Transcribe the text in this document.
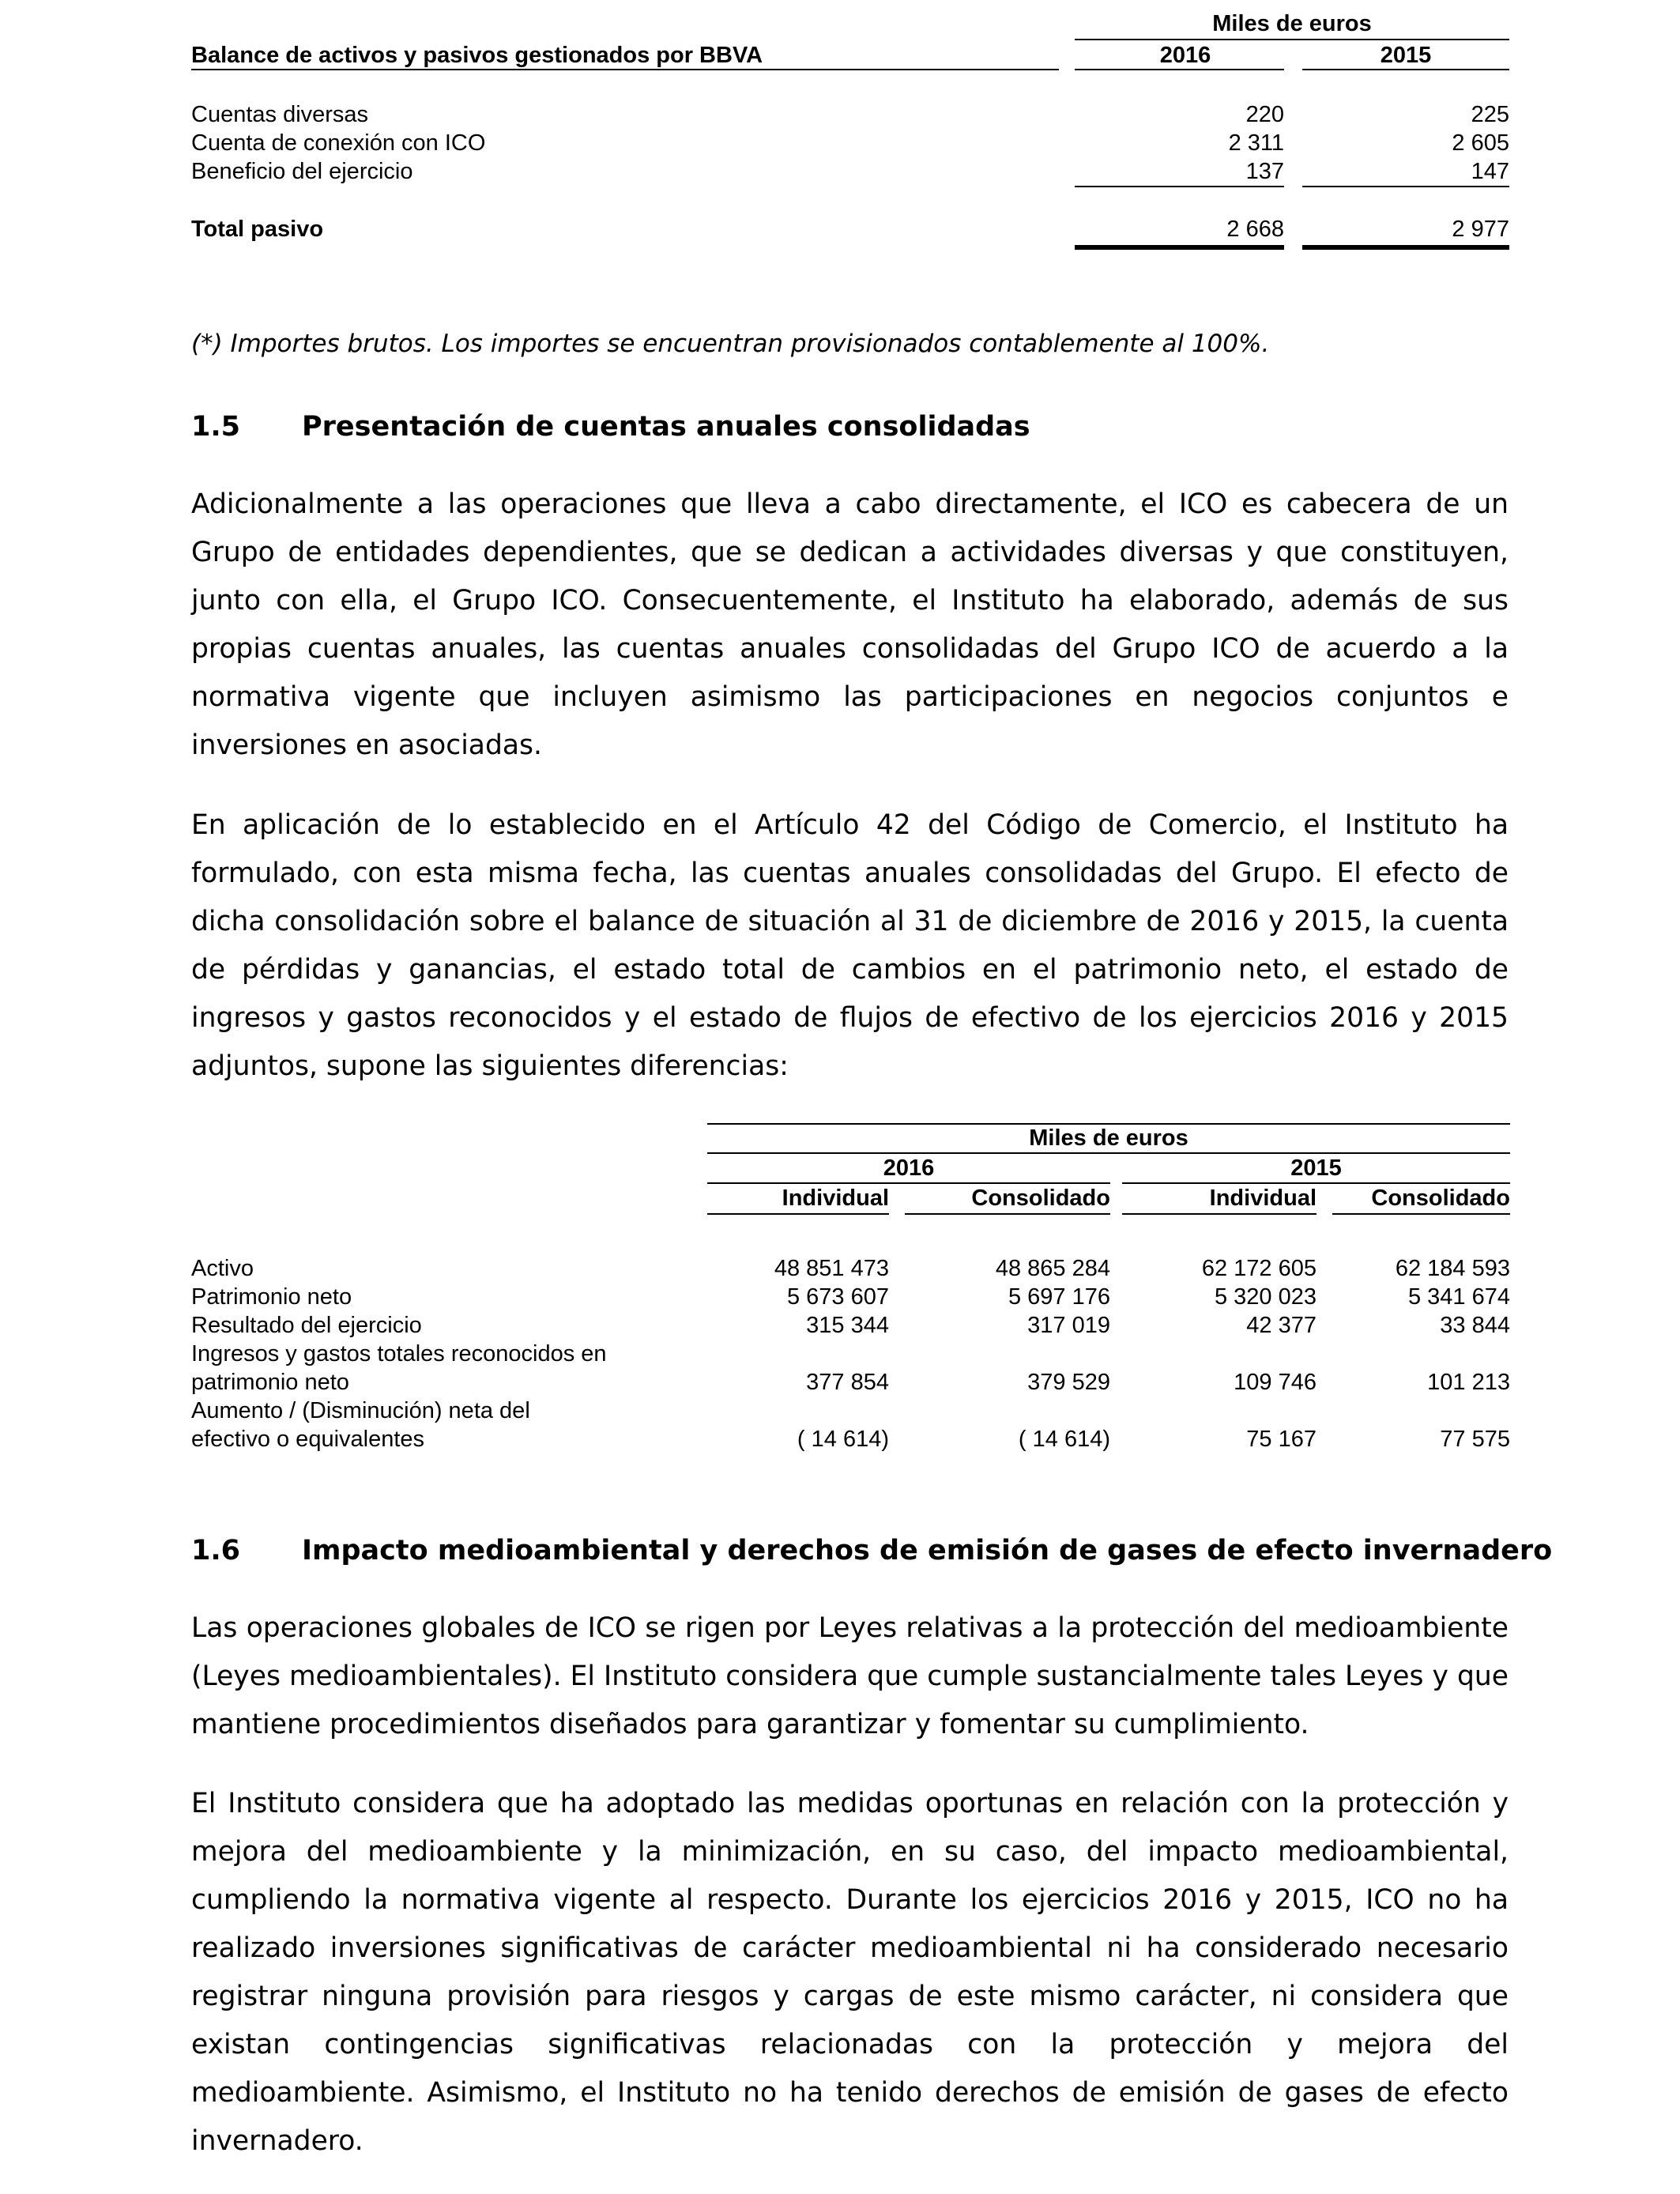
Miles de euros
Balance de activos y pasivos gestionados por BBVA	2016	2015
Cuentas diversas	220	225
Cuenta de conexión con ICO	2 311	2 605
Beneficio del ejercicio	137	147
Total pasivo	2 668	2 977
(*) Importes brutos. Los importes se encuentran provisionados contablemente al 100%.
1.5 Presentación de cuentas anuales consolidadas

Adicionalmente a las operaciones que lleva a cabo directamente, el ICO es cabecera de un Grupo de entidades dependientes, que se dedican a actividades diversas y que constituyen, junto con ella, el Grupo ICO. Consecuentemente, el Instituto ha elaborado, además de sus propias cuentas anuales, las cuentas anuales consolidadas del Grupo ICO de acuerdo a la normativa vigente que incluyen asimismo las participaciones en negocios conjuntos e inversiones en asociadas.

En aplicación de lo establecido en el Artículo 42 del Código de Comercio, el Instituto ha formulado, con esta misma fecha, las cuentas anuales consolidadas del Grupo. El efecto de dicha consolidación sobre el balance de situación al 31 de diciembre de 2016 y 2015, la cuenta de pérdidas y ganancias, el estado total de cambios en el patrimonio neto, el estado de ingresos y gastos reconocidos y el estado de flujos de efectivo de los ejercicios 2016 y 2015 adjuntos, supone las siguientes diferencias:

Miles de euros
2016	2015
Individual	Consolidado	Individual	Consolidado
Activo	48 851 473	48 865 284	62 172 605	62 184 593
Patrimonio neto	5 673 607	5 697 176	5 320 023	5 341 674
Resultado del ejercicio	315 344	317 019	42 377	33 844
Ingresos y gastos totales reconocidos en
patrimonio neto	377 854	379 529	109 746	101 213
Aumento / (Disminución) neta del
efectivo o equivalentes	( 14 614)	( 14 614)	75 167	77 575
1.6 Impacto medioambiental y derechos de emisión de gases de efecto invernadero

Las operaciones globales de ICO se rigen por Leyes relativas a la protección del medioambiente (Leyes medioambientales). El Instituto considera que cumple sustancialmente tales Leyes y que mantiene procedimientos diseñados para garantizar y fomentar su cumplimiento.

El Instituto considera que ha adoptado las medidas oportunas en relación con la protección y mejora del medioambiente y la minimización, en su caso, del impacto medioambiental, cumpliendo la normativa vigente al respecto. Durante los ejercicios 2016 y 2015, ICO no ha realizado inversiones significativas de carácter medioambiental ni ha considerado necesario registrar ninguna provisión para riesgos y cargas de este mismo carácter, ni considera que existan contingencias significativas relacionadas con la protección y mejora del medioambiente. Asimismo, el Instituto no ha tenido derechos de emisión de gases de efecto invernadero.
